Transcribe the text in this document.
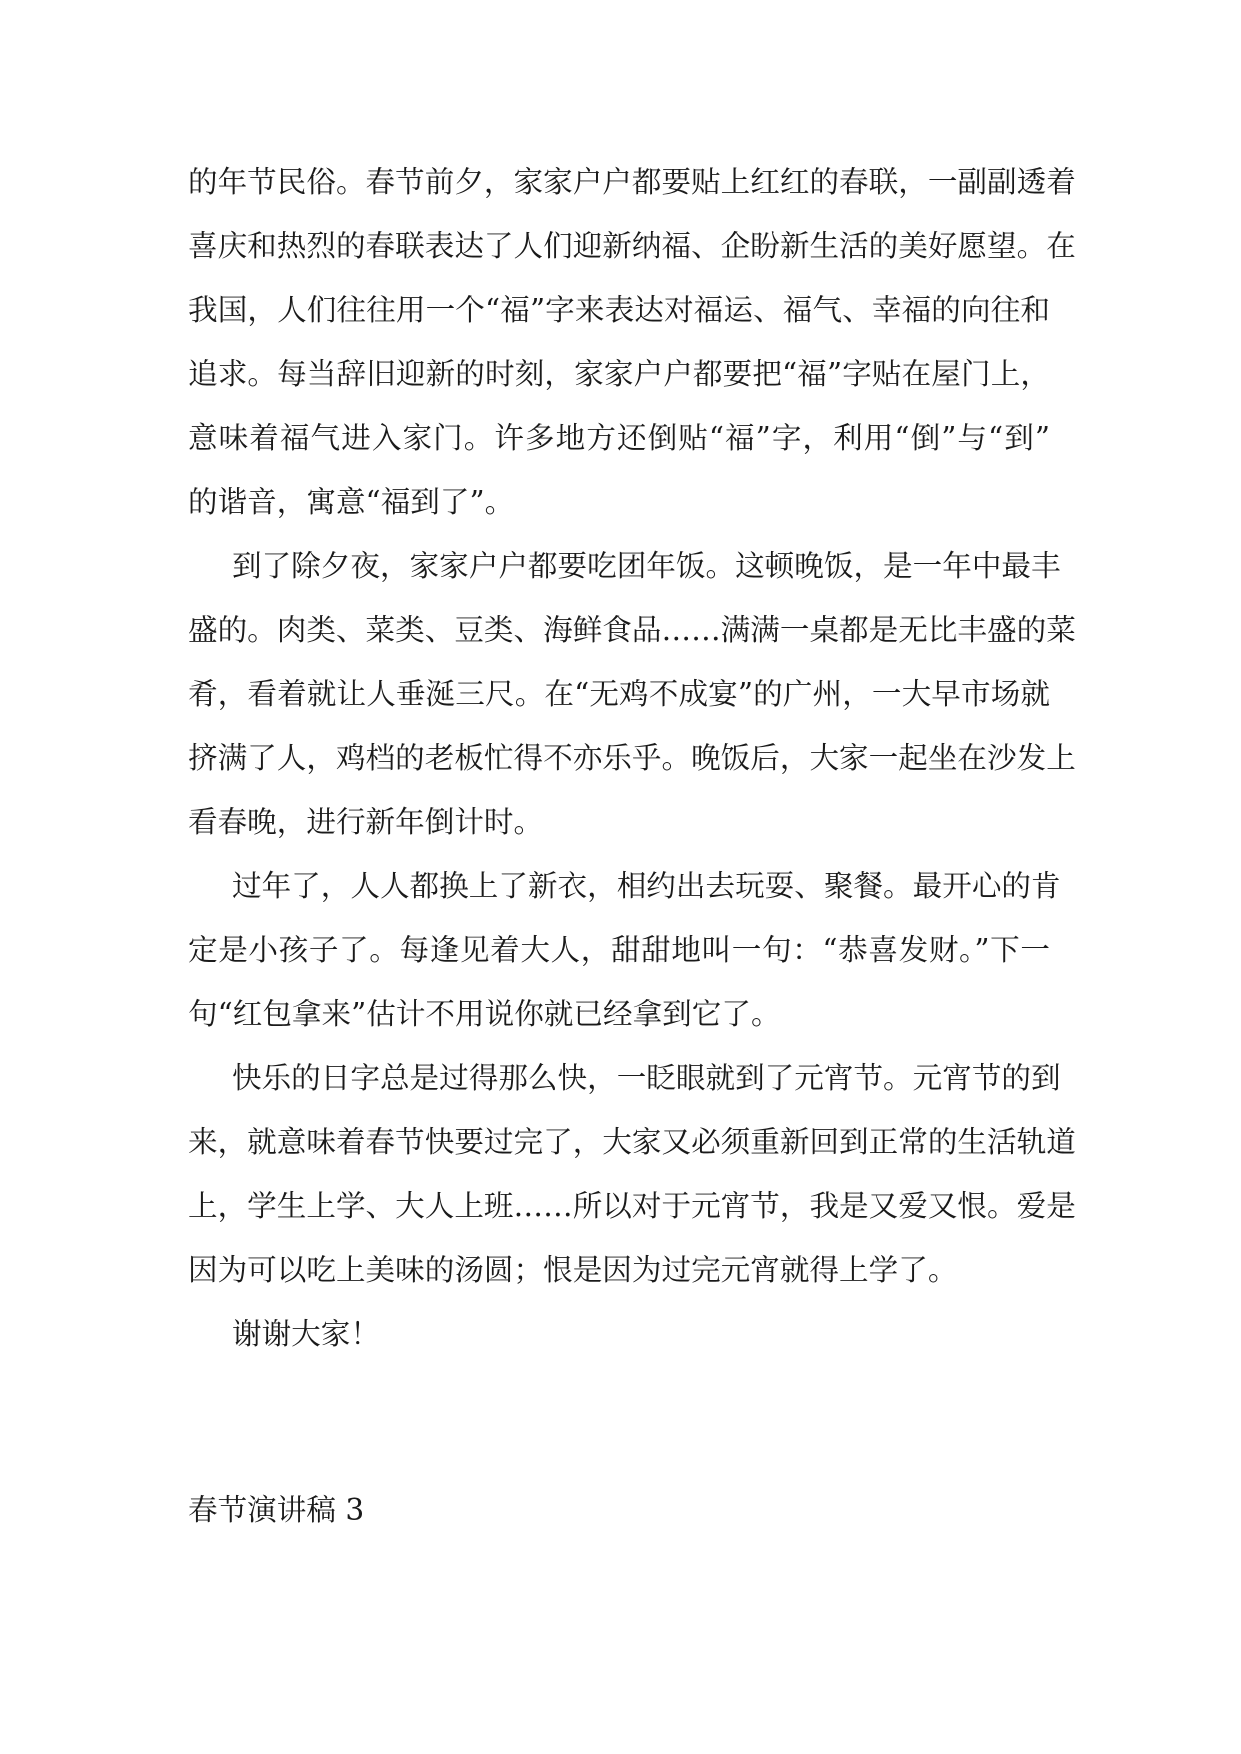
的年节民俗。春节前夕，家家户户都要贴上红红的春联，一副副透着
喜庆和热烈的春联表达了人们迎新纳福、企盼新生活的美好愿望。在
我国，人们往往用一个“福”字来表达对福运、福气、幸福的向往和
追求。每当辞旧迎新的时刻，家家户户都要把“福”字贴在屋门上，
意味着福气进入家门。许多地方还倒贴“福”字，利用“倒”与“到”
的谐音，寓意“福到了”。
到了除夕夜，家家户户都要吃团年饭。这顿晚饭，是一年中最丰
盛的。肉类、菜类、豆类、海鲜食品……满满一桌都是无比丰盛的菜
肴，看着就让人垂涎三尺。在“无鸡不成宴”的广州，一大早市场就
挤满了人，鸡档的老板忙得不亦乐乎。晚饭后，大家一起坐在沙发上
看春晚，进行新年倒计时。
过年了，人人都换上了新衣，相约出去玩耍、聚餐。最开心的肯
定是小孩子了。每逢见着大人，甜甜地叫一句：“恭喜发财。”下一
句“红包拿来”估计不用说你就已经拿到它了。
快乐的日字总是过得那么快，一眨眼就到了元宵节。元宵节的到
来，就意味着春节快要过完了，大家又必须重新回到正常的生活轨道
上，学生上学、大人上班……所以对于元宵节，我是又爱又恨。爱是
因为可以吃上美味的汤圆；恨是因为过完元宵就得上学了。
谢谢大家！
春节演讲稿 3
